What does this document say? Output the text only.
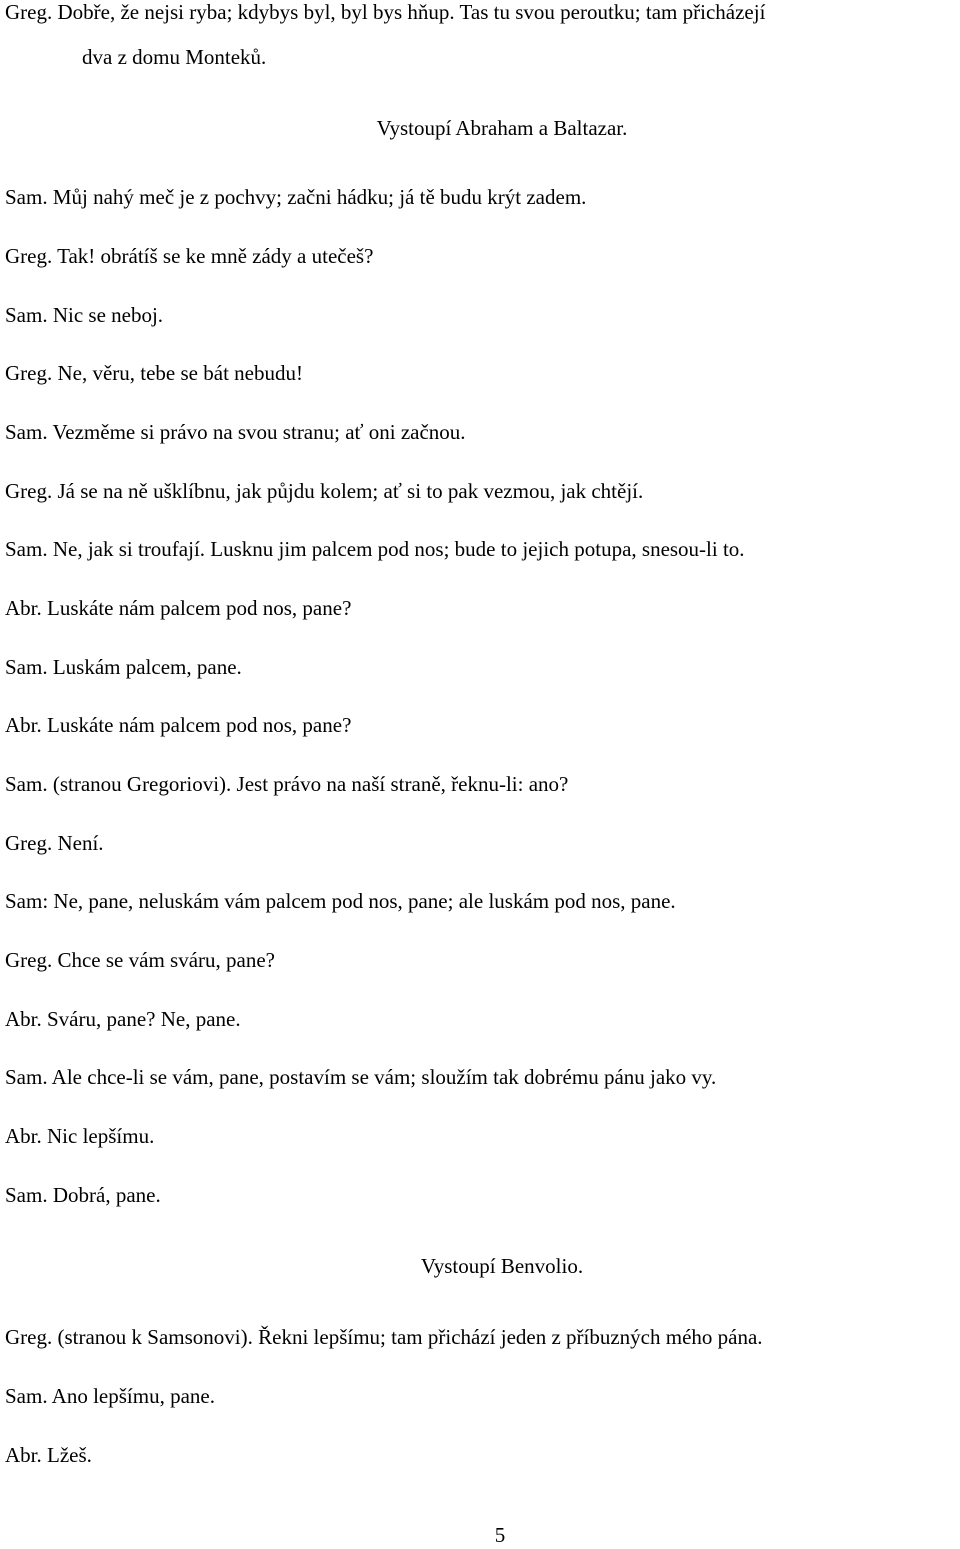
Greg. Dobře, že nejsi ryba; kdybys byl, byl bys hňup. Tas tu svou peroutku; tam přicházejí
dva z domu Monteků.
Vystoupí Abraham a Baltazar.
Sam. Můj nahý meč je z pochvy; začni hádku; já tě budu krýt zadem.
Greg. Tak! obrátíš se ke mně zády a utečeš?
Sam. Nic se neboj.
Greg. Ne, věru, tebe se bát nebudu!
Sam. Vezměme si právo na svou stranu; ať oni začnou.
Greg. Já se na ně ušklíbnu, jak půjdu kolem; ať si to pak vezmou, jak chtějí.
Sam. Ne, jak si troufají. Lusknu jim palcem pod nos; bude to jejich potupa, snesou-li to.
Abr. Luskáte nám palcem pod nos, pane?
Sam. Luskám palcem, pane.
Abr. Luskáte nám palcem pod nos, pane?
Sam. (stranou Gregoriovi). Jest právo na naší straně, řeknu-li: ano?
Greg. Není.
Sam: Ne, pane, neluskám vám palcem pod nos, pane; ale luskám pod nos, pane.
Greg. Chce se vám sváru, pane?
Abr. Sváru, pane? Ne, pane.
Sam. Ale chce-li se vám, pane, postavím se vám; sloužím tak dobrému pánu jako vy.
Abr. Nic lepšímu.
Sam. Dobrá, pane.
Vystoupí Benvolio.
Greg. (stranou k Samsonovi). Řekni lepšímu; tam přichází jeden z příbuzných mého pána.
Sam. Ano lepšímu, pane.
Abr. Lžeš.
5
